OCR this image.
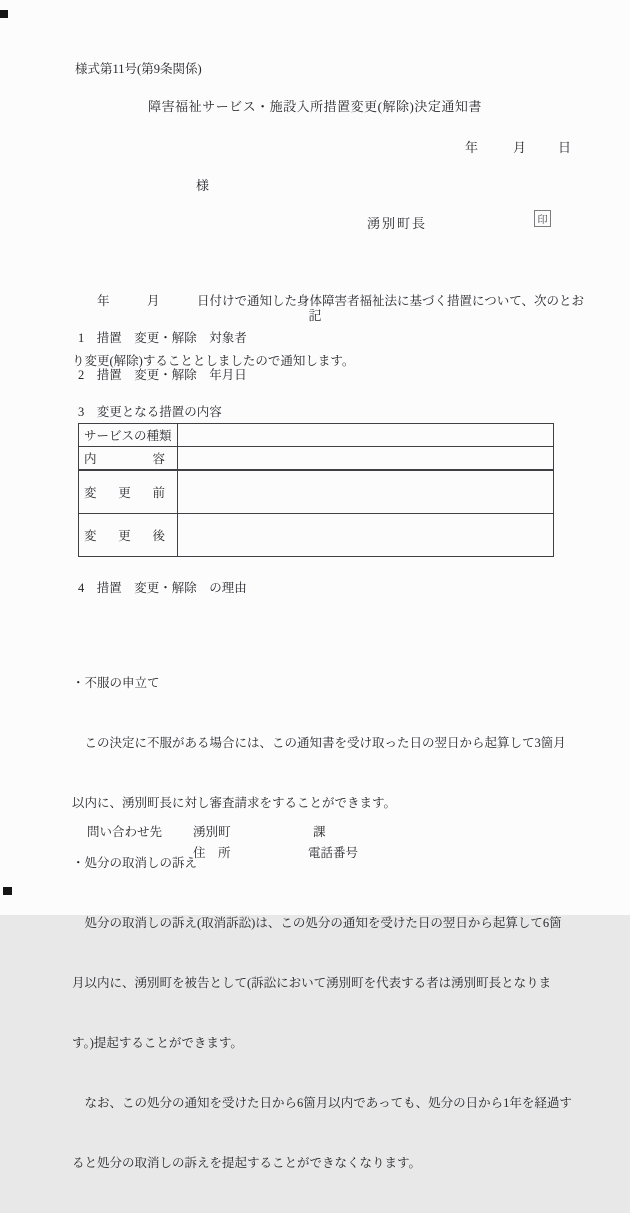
様式第11号(第9条関係)
障害福祉サービス・施設入所措置変更(解除)決定通知書
年	月 日
様
湧別町長	印

　　年　　　月　　　日付けで通知した身体障害者福祉法に基づく措置について、次のとお

り変更(解除)することとしましたので通知します。

記
1　措置　変更・解除　対象者
2　措置　変更・解除　年月日
3　変更となる措置の内容
サービスの種類
内	容
変 更 前
変 更 後
4　措置　変更・解除　の理由

・不服の申立て

　この決定に不服がある場合には、この通知書を受け取った日の翌日から起算して3箇月

以内に、湧別町長に対し審査請求をすることができます。

・処分の取消しの訴え

　処分の取消しの訴え(取消訴訟)は、この処分の通知を受けた日の翌日から起算して6箇

月以内に、湧別町を被告として(訴訟において湧別町を代表する者は湧別町長となりま

す。)提起することができます。

　なお、この処分の通知を受けた日から6箇月以内であっても、処分の日から1年を経過す

ると処分の取消しの訴えを提起することができなくなります。

問い合わせ先 湧別町	課
住　所	電話番号
